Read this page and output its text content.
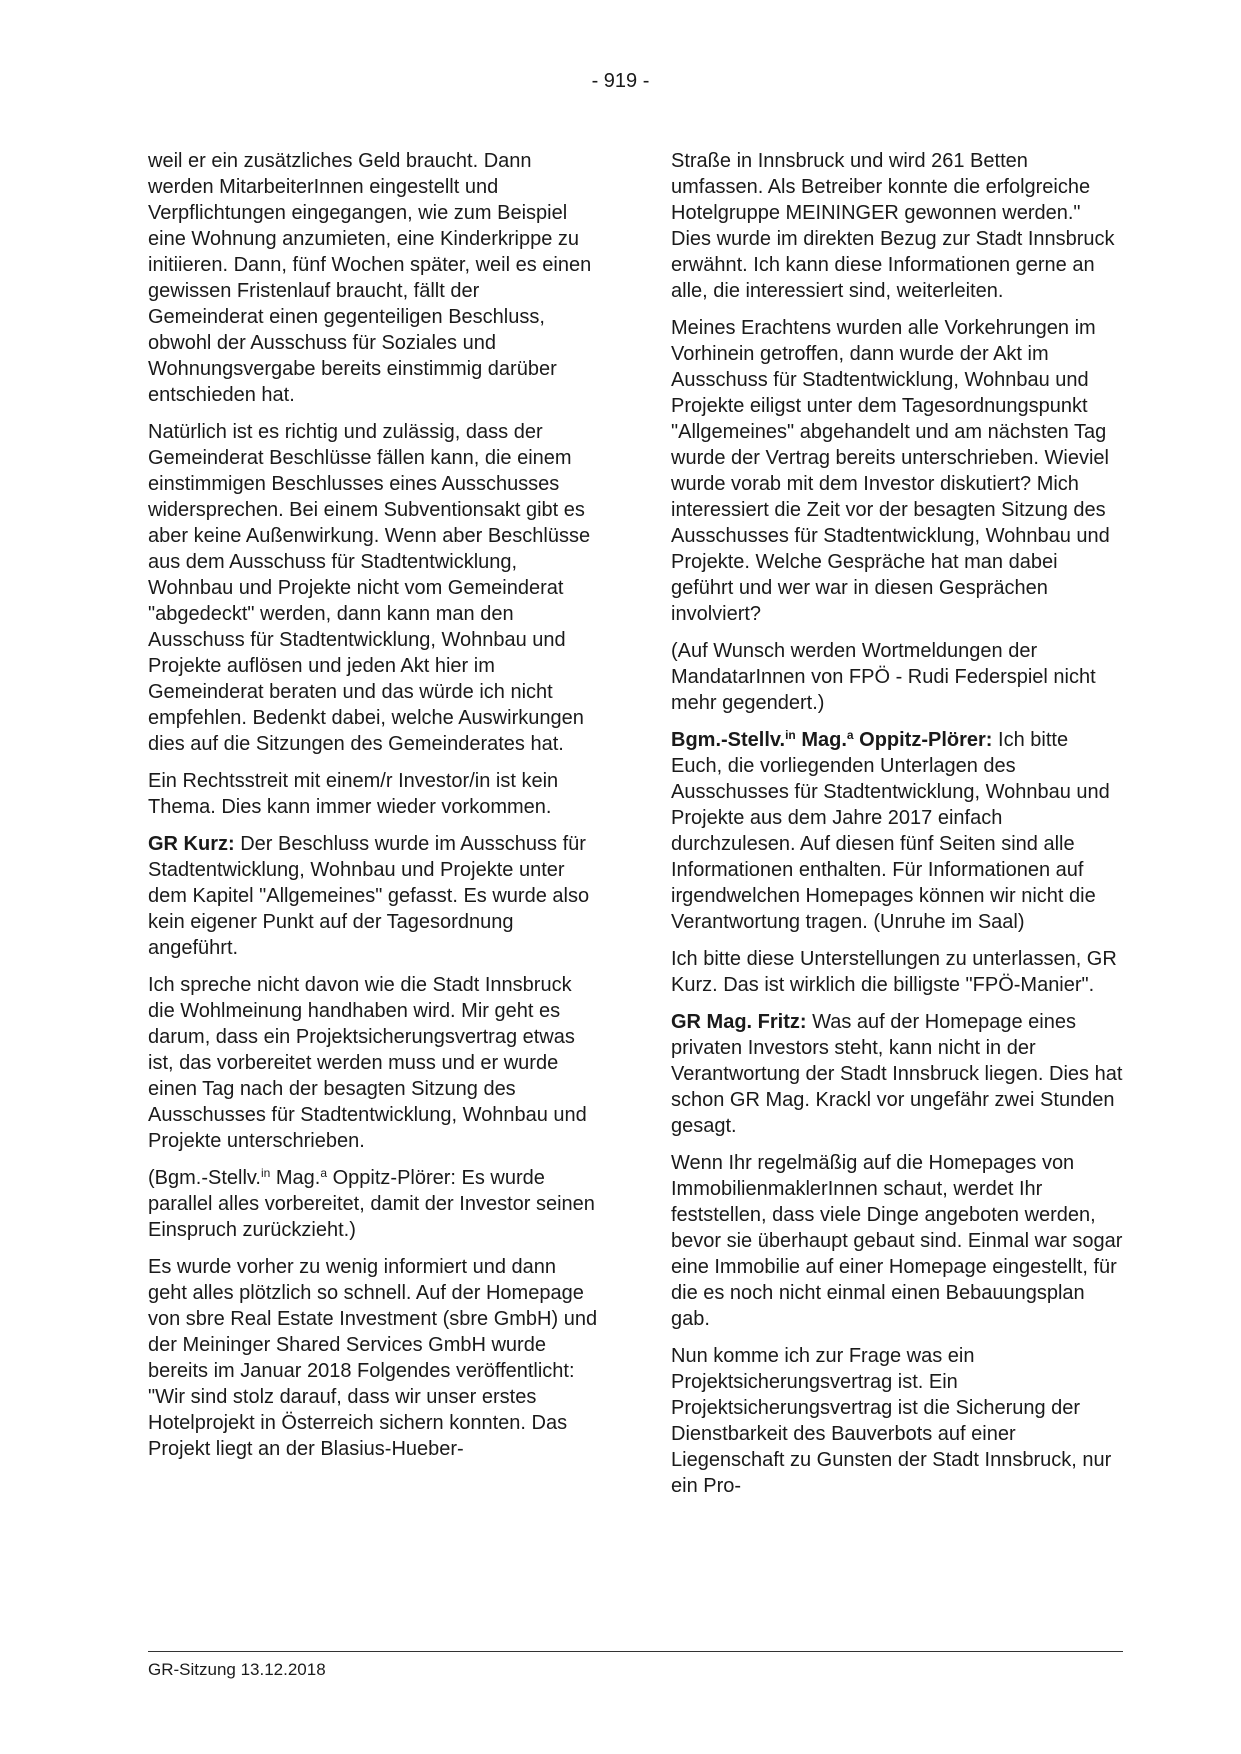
- 919 -

weil er ein zusätzliches Geld braucht. Dann werden MitarbeiterInnen eingestellt und Verpflichtungen eingegangen, wie zum Beispiel eine Wohnung anzumieten, eine Kinderkrippe zu initiieren. Dann, fünf Wochen später, weil es einen gewissen Fristenlauf braucht, fällt der Gemeinderat einen gegenteiligen Beschluss, obwohl der Ausschuss für Soziales und Wohnungsvergabe bereits einstimmig darüber entschieden hat.

Natürlich ist es richtig und zulässig, dass der Gemeinderat Beschlüsse fällen kann, die einem einstimmigen Beschlusses eines Ausschusses widersprechen. Bei einem Subventionsakt gibt es aber keine Außenwirkung. Wenn aber Beschlüsse aus dem Ausschuss für Stadtentwicklung, Wohnbau und Projekte nicht vom Gemeinderat "abgedeckt" werden, dann kann man den Ausschuss für Stadtentwicklung, Wohnbau und Projekte auflösen und jeden Akt hier im Gemeinderat beraten und das würde ich nicht empfehlen. Bedenkt dabei, welche Auswirkungen dies auf die Sitzungen des Gemeinderates hat.

Ein Rechtsstreit mit einem/r Investor/in ist kein Thema. Dies kann immer wieder vorkommen.

GR Kurz: Der Beschluss wurde im Ausschuss für Stadtentwicklung, Wohnbau und Projekte unter dem Kapitel "Allgemeines" gefasst. Es wurde also kein eigener Punkt auf der Tagesordnung angeführt.

Ich spreche nicht davon wie die Stadt Innsbruck die Wohlmeinung handhaben wird. Mir geht es darum, dass ein Projektsicherungsvertrag etwas ist, das vorbereitet werden muss und er wurde einen Tag nach der besagten Sitzung des Ausschusses für Stadtentwicklung, Wohnbau und Projekte unterschrieben.

(Bgm.-Stellv.$^{in}$ Mag.$^a$ Oppitz-Plörer: Es wurde parallel alles vorbereitet, damit der Investor seinen Einspruch zurückzieht.)

Es wurde vorher zu wenig informiert und dann geht alles plötzlich so schnell. Auf der Homepage von sbre Real Estate Investment (sbre GmbH) und der Meininger Shared Services GmbH wurde bereits im Januar 2018 Folgendes veröffentlicht: "Wir sind stolz darauf, dass wir unser erstes Hotelprojekt in Österreich sichern konnten. Das Projekt liegt an der Blasius-Hueber-

Straße in Innsbruck und wird 261 Betten umfassen. Als Betreiber konnte die erfolgreiche Hotelgruppe MEININGER gewonnen werden." Dies wurde im direkten Bezug zur Stadt Innsbruck erwähnt. Ich kann diese Informationen gerne an alle, die interessiert sind, weiterleiten.

Meines Erachtens wurden alle Vorkehrungen im Vorhinein getroffen, dann wurde der Akt im Ausschuss für Stadtentwicklung, Wohnbau und Projekte eiligst unter dem Tagesordnungspunkt "Allgemeines" abgehandelt und am nächsten Tag wurde der Vertrag bereits unterschrieben. Wieviel wurde vorab mit dem Investor diskutiert? Mich interessiert die Zeit vor der besagten Sitzung des Ausschusses für Stadtentwicklung, Wohnbau und Projekte. Welche Gespräche hat man dabei geführt und wer war in diesen Gesprächen involviert?

(Auf Wunsch werden Wortmeldungen der MandatarInnen von FPÖ - Rudi Federspiel nicht mehr gegendert.)

Bgm.-Stellv.$^{in}$ Mag.$^a$ Oppitz-Plörer: Ich bitte Euch, die vorliegenden Unterlagen des Ausschusses für Stadtentwicklung, Wohnbau und Projekte aus dem Jahre 2017 einfach durchzulesen. Auf diesen fünf Seiten sind alle Informationen enthalten. Für Informationen auf irgendwelchen Homepages können wir nicht die Verantwortung tragen. (Unruhe im Saal)

Ich bitte diese Unterstellungen zu unterlassen, GR Kurz. Das ist wirklich die billigste "FPÖ-Manier".

GR Mag. Fritz: Was auf der Homepage eines privaten Investors steht, kann nicht in der Verantwortung der Stadt Innsbruck liegen. Dies hat schon GR Mag. Krackl vor ungefähr zwei Stunden gesagt.

Wenn Ihr regelmäßig auf die Homepages von ImmobilienmaklerInnen schaut, werdet Ihr feststellen, dass viele Dinge angeboten werden, bevor sie überhaupt gebaut sind. Einmal war sogar eine Immobilie auf einer Homepage eingestellt, für die es noch nicht einmal einen Bebauungsplan gab.

Nun komme ich zur Frage was ein Projektsicherungsvertrag ist. Ein Projektsicherungsvertrag ist die Sicherung der Dienstbarkeit des Bauverbots auf einer Liegenschaft zu Gunsten der Stadt Innsbruck, nur ein Pro-

GR-Sitzung 13.12.2018
